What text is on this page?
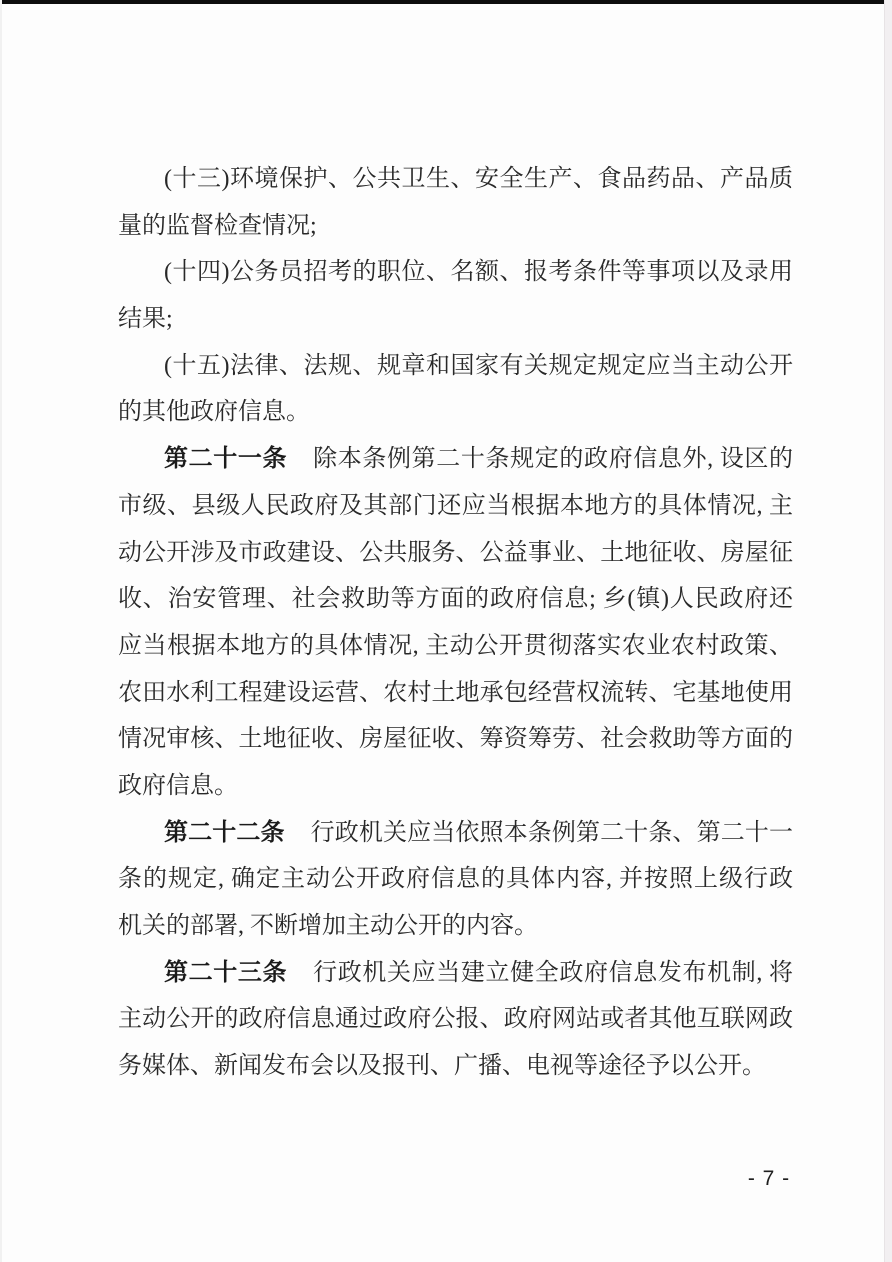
(十三)环境保护、公共卫生、安全生产、食品药品、产品质
量的监督检查情况;
(十四)公务员招考的职位、名额、报考条件等事项以及录用
结果;
(十五)法律、法规、规章和国家有关规定规定应当主动公开
的其他政府信息。
第二十一条 除本条例第二十条规定的政府信息外, 设区的
市级、县级人民政府及其部门还应当根据本地方的具体情况, 主
动公开涉及市政建设、公共服务、公益事业、土地征收、房屋征
收、治安管理、社会救助等方面的政府信息; 乡(镇)人民政府还
应当根据本地方的具体情况, 主动公开贯彻落实农业农村政策、
农田水利工程建设运营、农村土地承包经营权流转、宅基地使用
情况审核、土地征收、房屋征收、筹资筹劳、社会救助等方面的
政府信息。
第二十二条 行政机关应当依照本条例第二十条、第二十一
条的规定, 确定主动公开政府信息的具体内容, 并按照上级行政
机关的部署, 不断增加主动公开的内容。
第二十三条 行政机关应当建立健全政府信息发布机制, 将
主动公开的政府信息通过政府公报、政府网站或者其他互联网政
务媒体、新闻发布会以及报刊、广播、电视等途径予以公开。
- 7 -
